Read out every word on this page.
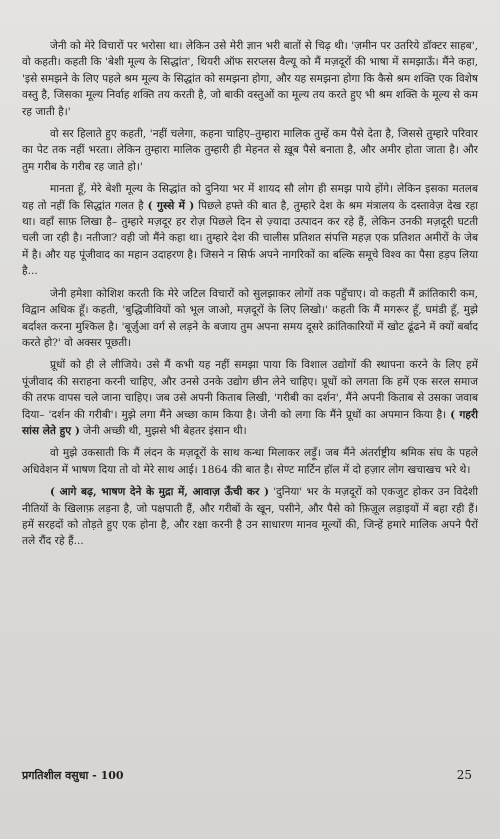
जेनी को मेरे विचारों पर भरोसा था। लेकिन उसे मेरी ज्ञान भरी बातों से चिढ़ थी। 'ज़मीन पर उतरिये डॉक्टर साहब', वो कहती। कहती कि 'बेशी मूल्य के सिद्धांत', थियरी ऑफ सरप्लस वैल्यू को मैं मज़दूरों की भाषा में समझाऊँ। मैंने कहा, 'इसे समझने के लिए पहले श्रम मूल्य के सिद्धांत को समझना होगा, और यह समझना होगा कि कैसे श्रम शक्ति एक विशेष वस्तु है, जिसका मूल्य निर्वाह शक्ति तय करती है, जो बाकी वस्तुओं का मूल्य तय करते हुए भी श्रम शक्ति के मूल्य से कम रह जाती है।'

वो सर हिलाते हुए कहती, 'नहीं चलेगा, कहना चाहिए–तुम्हारा मालिक तुम्हें कम पैसे देता है, जिससे तुम्हारे परिवार का पेट तक नहीं भरता। लेकिन तुम्हारा मालिक तुम्हारी ही मेहनत से ख़ूब पैसे बनाता है, और अमीर होता जाता है। और तुम गरीब के गरीब रह जाते हो।'

मानता हूँ, मेरे बेशी मूल्य के सिद्धांत को दुनिया भर में शायद सौ लोग ही समझ पाये होंगे। लेकिन इसका मतलब यह तो नहीं कि सिद्धांत गलत है ( गुस्से में ) पिछले हफ्ते की बात है, तुम्हारे देश के श्रम मंत्रालय के दस्तावेज़ देख रहा था। वहाँ साफ़ लिखा है– तुम्हारे मज़दूर हर रोज़ पिछले दिन से ज़्यादा उत्पादन कर रहे हैं, लेकिन उनकी मज़दूरी घटती चली जा रही है। नतीजा? वही जो मैंने कहा था। तुम्हारे देश की चालीस प्रतिशत संपत्ति महज़ एक प्रतिशत अमीरों के जेब में है। और यह पूंजीवाद का महान उदाहरण है। जिसने न सिर्फ अपने नागरिकों का बल्कि समूचे विश्व का पैसा हड़प लिया है...

जेनी हमेशा कोशिश करती कि मेरे जटिल विचारों को सुलझाकर लोगों तक पहुँचाए। वो कहती मैं क्रांतिकारी कम, विद्वान अधिक हूँ। कहती, 'बुद्धिजीवियों को भूल जाओ, मज़दूरों के लिए लिखो।' कहती कि मैं मगरूर हूँ, घमंडी हूँ, मुझे बर्दाश्त करना मुश्किल है। 'बूर्ज़ुआ वर्ग से लड़ने के बजाय तुम अपना समय दूसरे क्रांतिकारियों में खोट ढूंढने में क्यों बर्बाद करते हो?' वो अक्सर पूछती।

प्रूधों को ही ले लीजिये। उसे मैं कभी यह नहीं समझा पाया कि विशाल उद्योगों की स्थापना करने के लिए हमें पूंजीवाद की सराहना करनी चाहिए, और उनसे उनके उद्योग छीन लेने चाहिए। प्रूधों को लगता कि हमें एक सरल समाज की तरफ वापस चले जाना चाहिए। जब उसे अपनी किताब लिखी, 'गरीबी का दर्शन', मैंने अपनी किताब से उसका जवाब दिया– 'दर्शन की गरीबी'। मुझे लगा मैंने अच्छा काम किया है। जेनी को लगा कि मैंने प्रूधों का अपमान किया है। ( गहरी सांस लेते हुए ) जेनी अच्छी थी, मुझसे भी बेहतर इंसान थी।

वो मुझे उकसाती कि मैं लंदन के मज़दूरों के साथ कन्धा मिलाकर लड़ूँ। जब मैंने अंतर्राष्ट्रीय श्रमिक संघ के पहले अधिवेशन में भाषण दिया तो वो मेरे साथ आई। 1864 की बात है। सेण्ट मार्टिन हॉल में दो हज़ार लोग खचाखच भरे थे।

( आगे बढ़, भाषण देने के मुद्रा में, आवाज़ ऊँची कर ) 'दुनिया' भर के मज़दूरों को एकजुट होकर उन विदेशी नीतियों के खिलाफ़ लड़ना है, जो पक्षपाती हैं, और गरीबों के खून, पसीने, और पैसे को फ़िज़ूल लड़ाइयों में बहा रही हैं। हमें सरहदों को तोड़ते हुए एक होना है, और रक्षा करनी है उन साधारण मानव मूल्यों की, जिन्हें हमारे मालिक अपने पैरों तले रौंद रहे हैं...

प्रगतिशील वसुधा - 100	25
